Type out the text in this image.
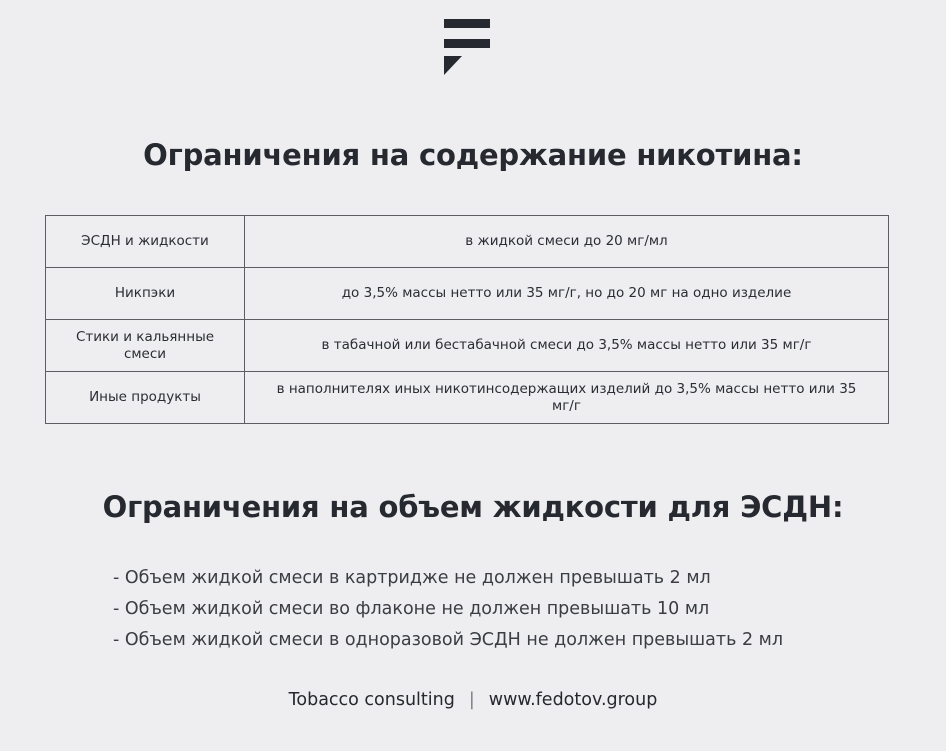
Ограничения на содержание никотина:
ЭСДН и жидкости	в жидкой смеси до 20 мг/мл
Никпэки	до 3,5% массы нетто или 35 мг/г, но до 20 мг на одно изделие
Стики и кальянные смеси	в табачной или бестабачной смеси до 3,5% массы нетто или 35 мг/г
Иные продукты	в наполнителях иных никотинсодержащих изделий до 3,5% массы нетто или 35 мг/г
Ограничения на объем жидкости для ЭСДН:
- Объем жидкой смеси в картридже не должен превышать 2 мл
- Объем жидкой смеси во флаконе не должен превышать 10 мл
- Объем жидкой смеси в одноразовой ЭСДН не должен превышать 2 мл
Tobacco consulting | www.fedotov.group
